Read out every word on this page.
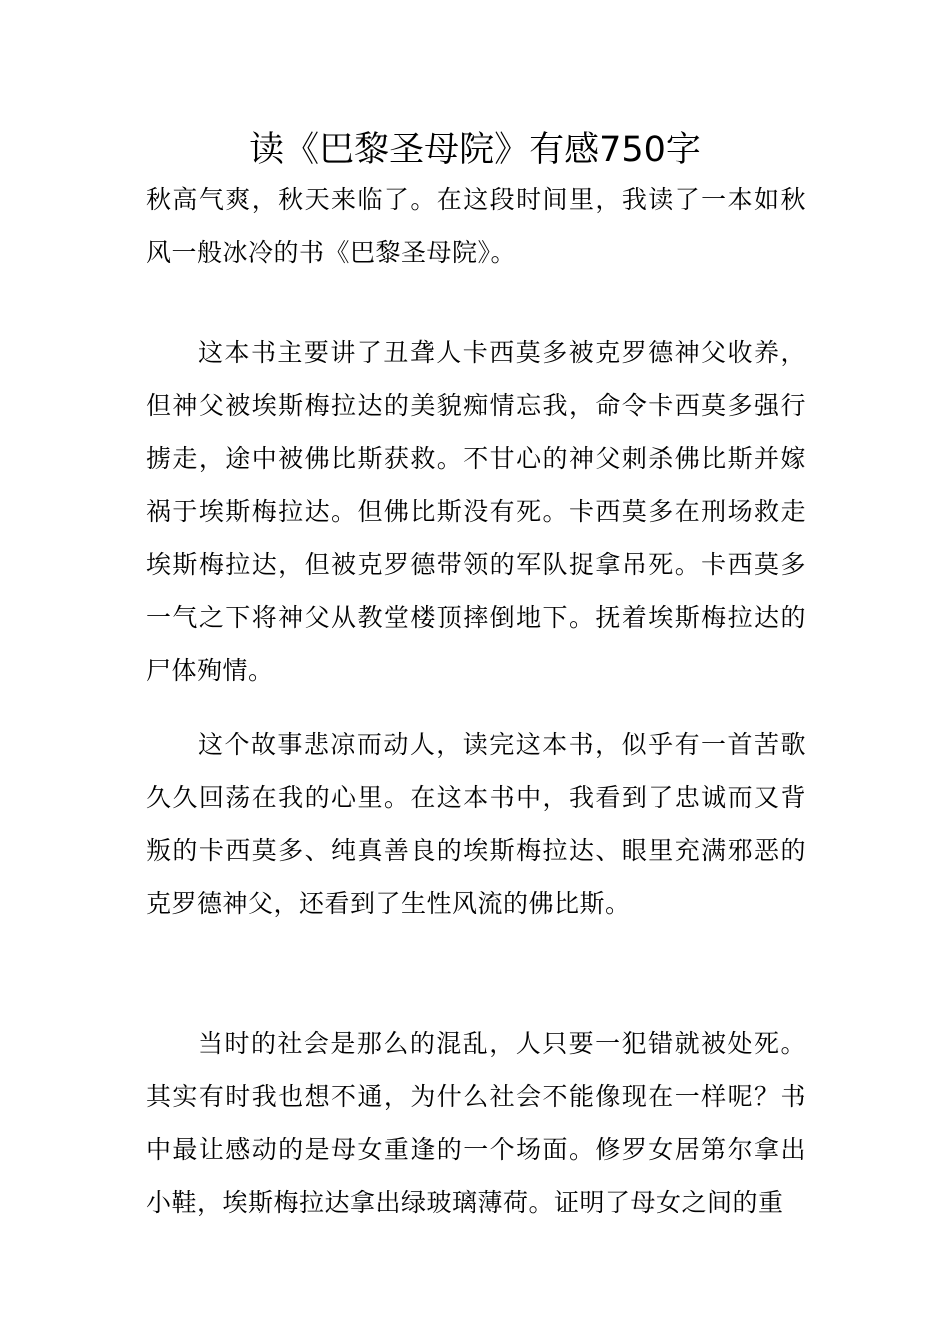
读《巴黎圣母院》有感750字

秋高气爽，秋天来临了。在这段时间里，我读了一本如秋风一般冰冷的书《巴黎圣母院》。

这本书主要讲了丑聋人卡西莫多被克罗德神父收养，但神父被埃斯梅拉达的美貌痴情忘我，命令卡西莫多强行掳走，途中被佛比斯获救。不甘心的神父刺杀佛比斯并嫁祸于埃斯梅拉达。但佛比斯没有死。卡西莫多在刑场救走埃斯梅拉达，但被克罗德带领的军队捉拿吊死。卡西莫多一气之下将神父从教堂楼顶摔倒地下。抚着埃斯梅拉达的尸体殉情。

这个故事悲凉而动人，读完这本书，似乎有一首苦歌久久回荡在我的心里。在这本书中，我看到了忠诚而又背叛的卡西莫多、纯真善良的埃斯梅拉达、眼里充满邪恶的克罗德神父，还看到了生性风流的佛比斯。

当时的社会是那么的混乱，人只要一犯错就被处死。其实有时我也想不通，为什么社会不能像现在一样呢？书中最让感动的是母女重逢的一个场面。修罗女居第尔拿出小鞋，埃斯梅拉达拿出绿玻璃薄荷。证明了母女之间的重
